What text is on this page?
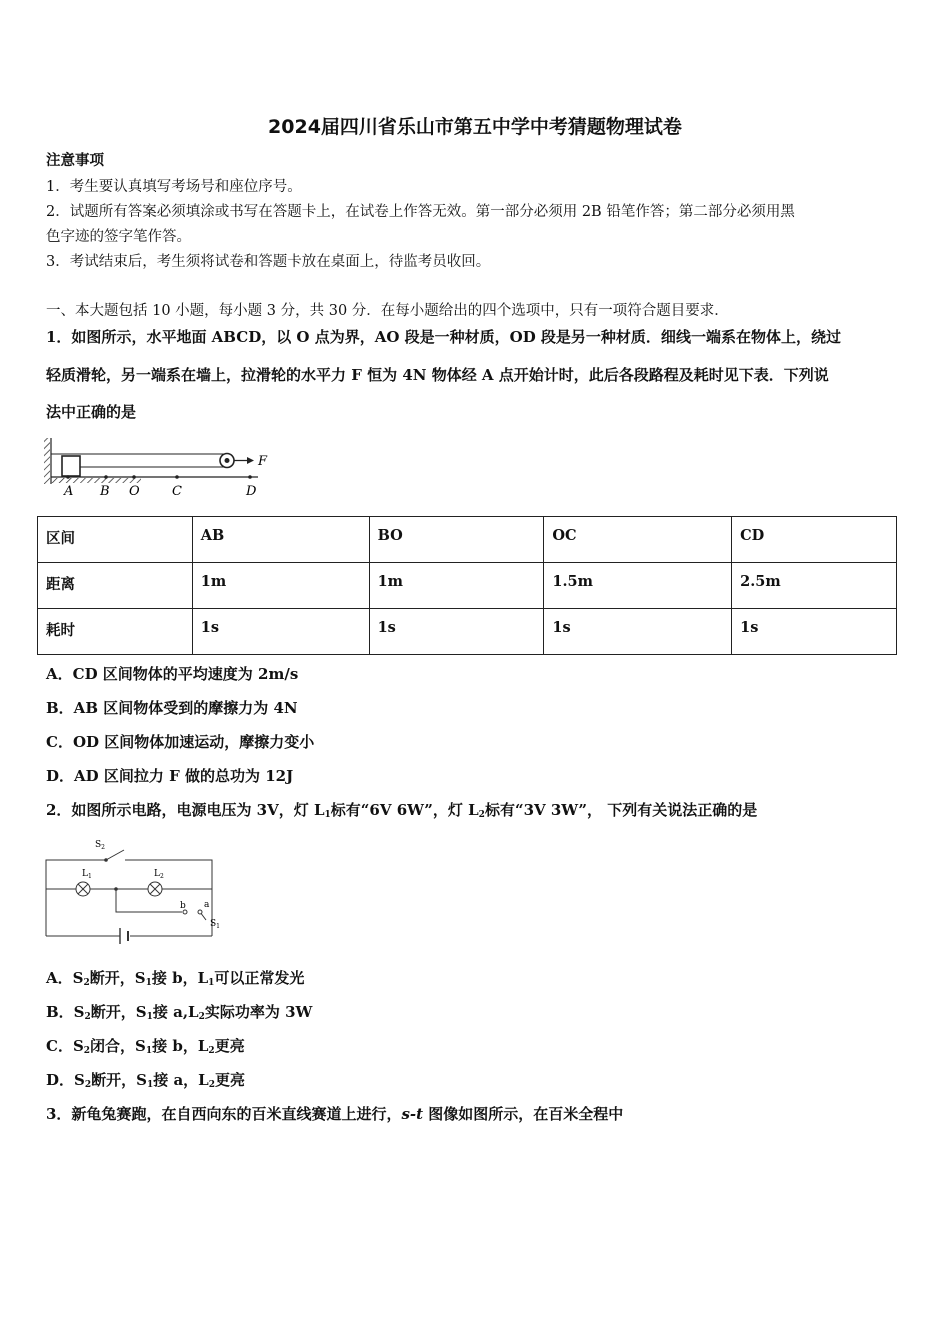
2024届四川省乐山市第五中学中考猜题物理试卷
注意事项
1．考生要认真填写考场号和座位序号。
2．试题所有答案必须填涂或书写在答题卡上，在试卷上作答无效。第一部分必须用 2B 铅笔作答；第二部分必须用黑
色字迹的签字笔作答。
3．考试结束后，考生须将试卷和答题卡放在桌面上，待监考员收回。
一、本大题包括 10 小题，每小题 3 分，共 30 分．在每小题给出的四个选项中，只有一项符合题目要求．
1．如图所示，水平地面 ABCD，以 O 点为界，AO 段是一种材质，OD 段是另一种材质．细线一端系在物体上，绕过
轻质滑轮，另一端系在墙上，拉滑轮的水平力 F 恒为 4N 物体经 A 点开始计时，此后各段路程及耗时见下表．下列说
法中正确的是
F
A B O C	D
区间	AB	BO	OC	CD
距离	1m	1m	1.5m	2.5m
耗时	1s	1s	1s	1s
A．CD 区间物体的平均速度为 2m/s
B．AB 区间物体受到的摩擦力为 4N
C．OD 区间物体加速运动，摩擦力变小
D．AD 区间拉力 F 做的总功为 12J
2．如图所示电路，电源电压为 3V，灯 $L_1$标有“6V 6W”，灯 $L_2$标有“3V 3W”， 下列有关说法正确的是
$S_2$
$L_1$	$L_2$
b a
$S_1$
A．$S_2$断开，$S_1$接 b，$L_1$可以正常发光
B．$S_2$断开，$S_1$接 $a,L_2$实际功率为 3W
C．$S_2$闭合，$S_1$接 b，$L_2$更亮
D．$S_2$断开，$S_1$接 a，$L_2$更亮
3．新龟兔赛跑，在自西向东的百米直线赛道上进行，s-t 图像如图所示，在百米全程中
